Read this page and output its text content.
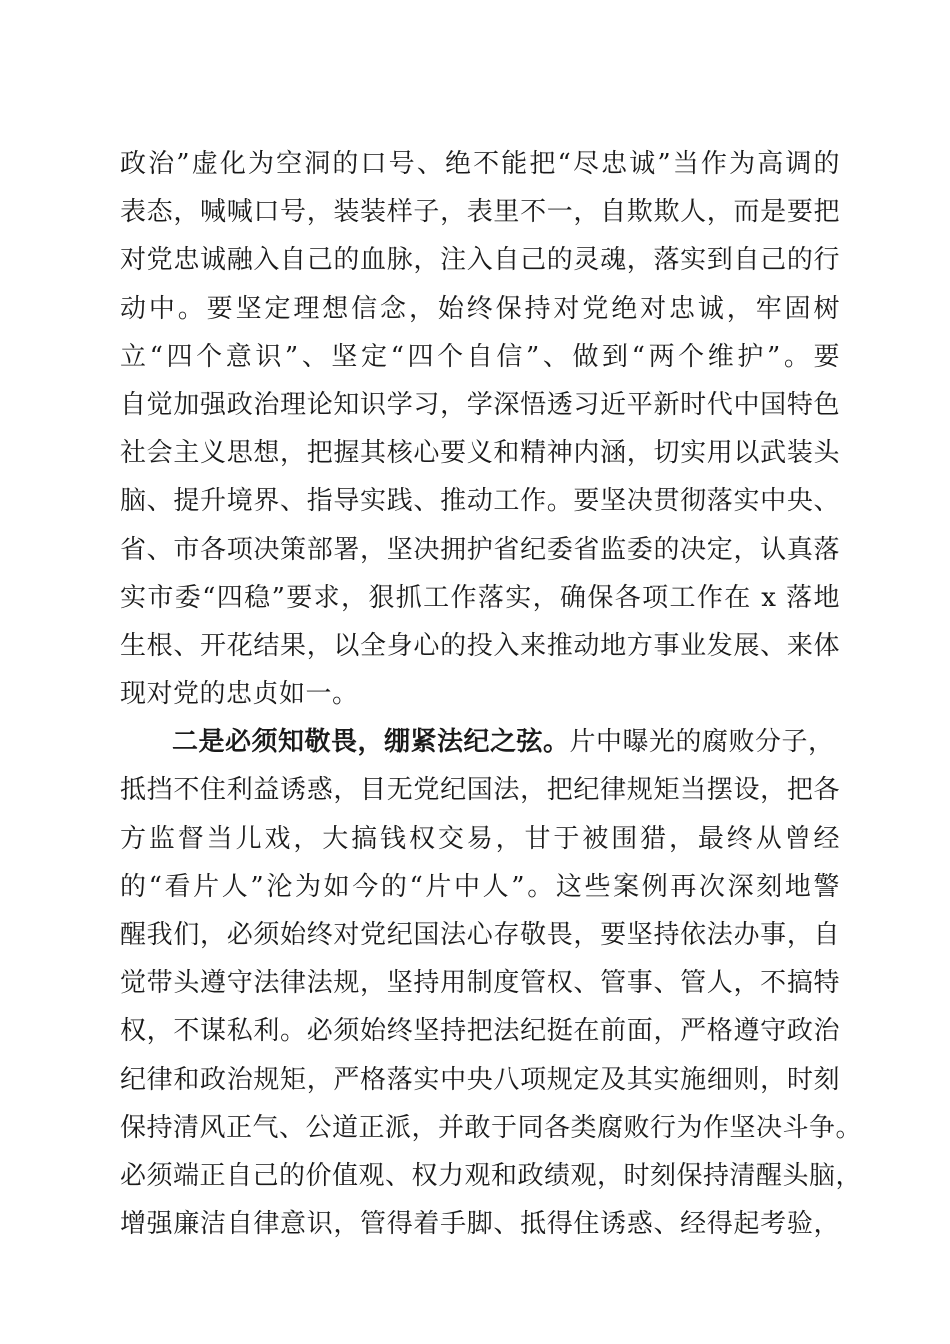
政治”虚化为空洞的口号、绝不能把“尽忠诚”当作为高调的
表态，喊喊口号，装装样子，表里不一，自欺欺人，而是要把
对党忠诚融入自己的血脉，注入自己的灵魂，落实到自己的行
动中。要坚定理想信念，始终保持对党绝对忠诚，牢固树
立“四个意识”、坚定“四个自信”、做到“两个维护”。要
自觉加强政治理论知识学习，学深悟透习近平新时代中国特色
社会主义思想，把握其核心要义和精神内涵，切实用以武装头
脑、提升境界、指导实践、推动工作。要坚决贯彻落实中央、
省、市各项决策部署，坚决拥护省纪委省监委的决定，认真落
实市委“四稳”要求，狠抓工作落实，确保各项工作在 x 落地
生根、开花结果，以全身心的投入来推动地方事业发展、来体
现对党的忠贞如一。
二是必须知敬畏，绷紧法纪之弦。片中曝光的腐败分子，
抵挡不住利益诱惑，目无党纪国法，把纪律规矩当摆设，把各
方监督当儿戏，大搞钱权交易，甘于被围猎，最终从曾经
的“看片人”沦为如今的“片中人”。这些案例再次深刻地警
醒我们，必须始终对党纪国法心存敬畏，要坚持依法办事，自
觉带头遵守法律法规，坚持用制度管权、管事、管人，不搞特
权，不谋私利。必须始终坚持把法纪挺在前面，严格遵守政治
纪律和政治规矩，严格落实中央八项规定及其实施细则，时刻
保持清风正气、公道正派，并敢于同各类腐败行为作坚决斗争。
必须端正自己的价值观、权力观和政绩观，时刻保持清醒头脑，
增强廉洁自律意识，管得着手脚、抵得住诱惑、经得起考验，
